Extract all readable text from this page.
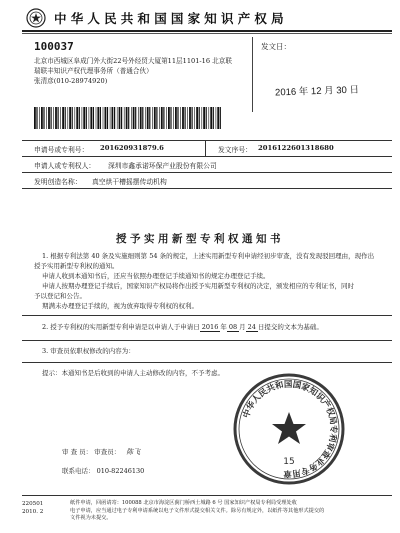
中华人民共和国国家知识产权局
100037
北京市西城区阜成门外大街22号外经贸大厦第11层1101-16 北京联
瑞联丰知识产权代理事务所（普通合伙）
张清彦(010-28974920)
发文日：
2016 年 12 月 30 日
申请号或专利号： 201620931879.6	发文序号： 2016122601318680
申请人或专利权人： 深圳市鑫承诺环保产业股份有限公司
发明创造名称： 真空烘干槽摇摆传动机构
授予实用新型专利权通知书
1. 根据专利法第 40 条及实施细则第 54 条的规定，上述实用新型专利申请经初步审查，没有发现驳回理由，现作出
授予实用新型专利权的通知。
申请人收到本通知书后，还应当依照办理登记手续通知书的规定办理登记手续。
申请人按期办理登记手续后，国家知识产权局将作出授予实用新型专利权的决定，颁发相应的专利证书，同时
予以登记和公告。
期满未办理登记手续的，视为放弃取得专利权的权利。
2. 授予专利权的实用新型专利申请是以申请人于申请日 2016 年 08 月 24 日提交的文本为基础。
3. 审查员依职权修改的内容为：
提示：本通知书是后收到的申请人主动修改的内容，不予考虑。
审 查 员： 审查员： 陈飞
联系电话： 010-82246130
中华人民共和国国家知识产权局专利审查业务专用章
15
220501
2010. 2
纸件申请，回函请寄：100088 北京市海淀区蓟门桥西土城路 6 号 国家知识产权局专利局受理处收
电子申请，应当通过电子专利申请系统以电子文件形式提交相关文件。除另有规定外，以纸件等其他形式提交的
文件视为未提交。
